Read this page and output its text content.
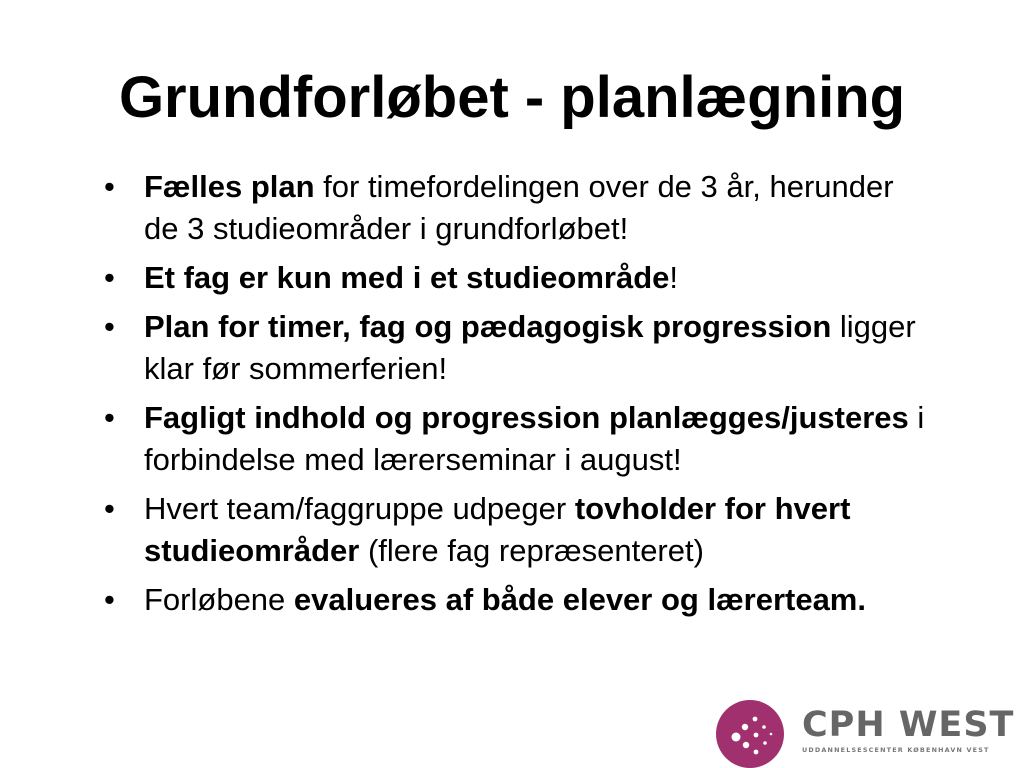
Grundforløbet - planlægning
• Fælles plan for timefordelingen over de 3 år, herunder de 3 studieområder i grundforløbet!
• Et fag er kun med i et studieområde!
• Plan for timer, fag og pædagogisk progression ligger klar før sommerferien!
• Fagligt indhold og progression planlægges/justeres i forbindelse med lærerseminar i august!
• Hvert team/faggruppe udpeger tovholder for hvert studieområder (flere fag repræsenteret)
• Forløbene evalueres af både elever og lærerteam.
CPH WEST
UDDANNELSESCENTER KØBENHAVN VEST
